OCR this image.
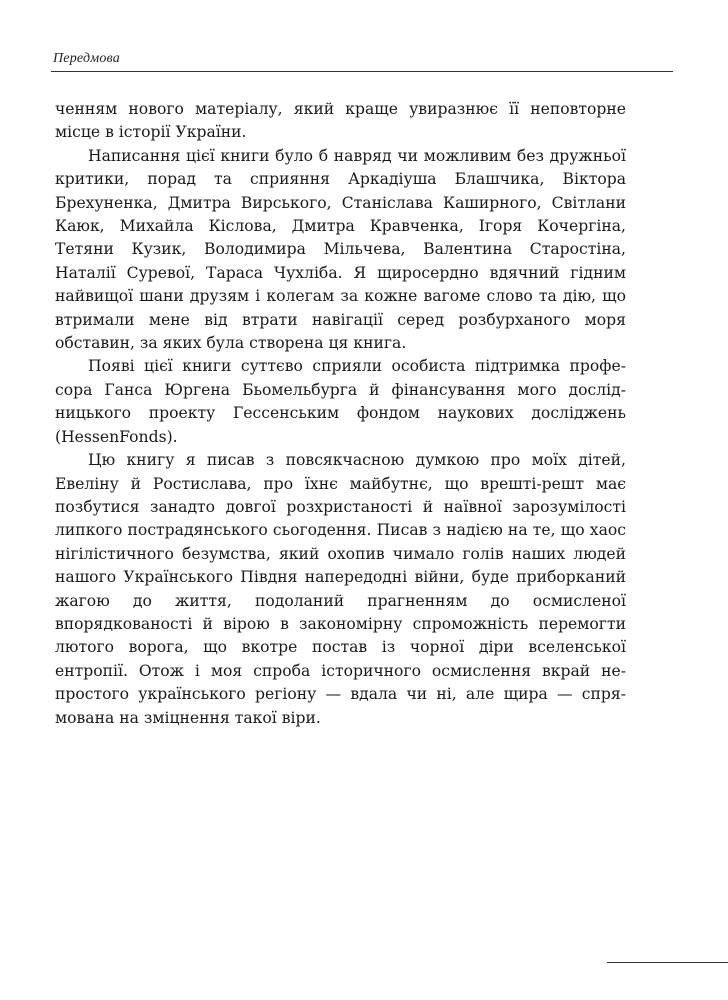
Передмова

ченням нового матеріалу, який краще увиразнює її неповторне місце в історії України.

Написання цієї книги було б навряд чи можливим без дружньої критики, порад та сприяння Аркадіуша Блашчика, Віктора Брехуненка, Дмитра Вирського, Станіслава Каширного, Світлани Каюк, Михайла Кіслова, Дмитра Кравченка, Ігоря Кочергіна, Тетяни Кузик, Володимира Мільчева, Валентина Старостіна, Наталії Суревої, Тараса Чухліба. Я щиросердно вдячний гідним найвищої шани друзям і колегам за кожне вагоме слово та дію, що втримали мене від втрати навігації серед розбурханого моря обставин, за яких була створена ця книга.

Появі цієї книги суттєво сприяли особиста підтримка професора Ганса Юргена Бьомельбурга й фінансування мого дослідницького проекту Гессенським фондом наукових досліджень (HessenFonds).

Цю книгу я писав з повсякчасною думкою про моїх дітей, Евеліну й Ростислава, про їхнє майбутнє, що врешті-решт має позбутися занадто довгої розхристаності й наївної зарозумілості липкого пострадянського сьогодення. Писав з надією на те, що хаос нігілістичного безумства, який охопив чимало голів наших людей нашого Українського Півдня напередодні війни, буде приборканий жагою до життя, подоланий прагненням до осмисленої впорядкованості й вірою в закономірну спроможність перемогти лютого ворога, що вкотре постав із чорної діри вселенської ентропії. Отож і моя спроба історичного осмислення вкрай непростого українського регіону — вдала чи ні, але щира — спрямована на зміцнення такої віри.
